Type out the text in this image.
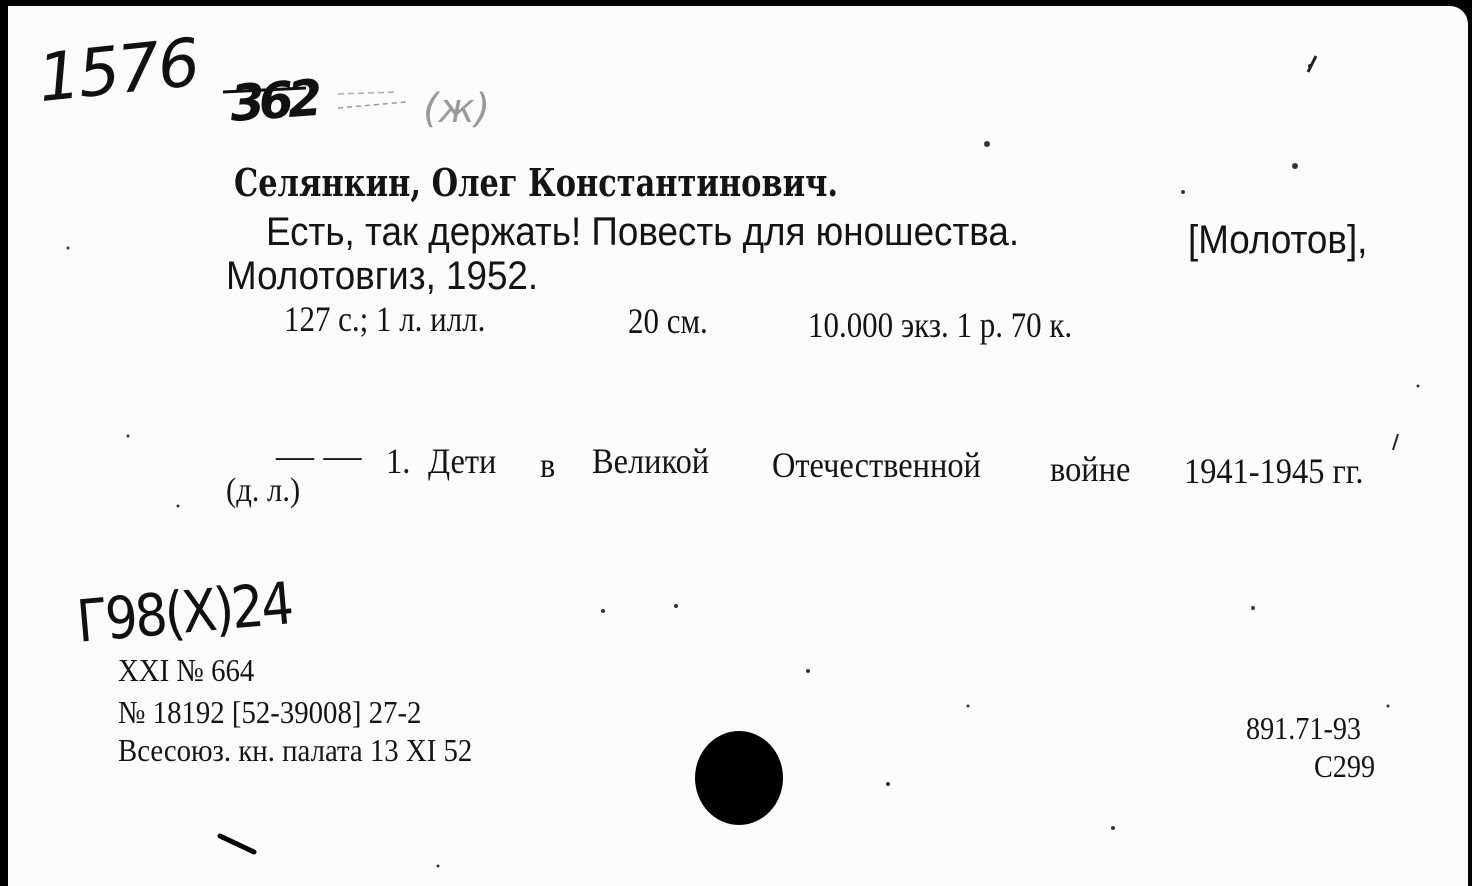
1576 362	(ж)
Селянкин, Олег Константинович.
Есть, так держать! Повесть для юношества.	[Молотов],
Молотовгиз, 1952.
127 с.; 1 л. илл.	20 см.	10.000 экз. 1 р. 70 к.
— — 1. Дети в Великой Отечественной войне 1941-1945 гг.
(д. л.)
Г98(Х)24
XXI № 664
№ 18192 [52-39008] 27-2
Всесоюз. кн. палата 13 XI 52
891.71-93
С299
